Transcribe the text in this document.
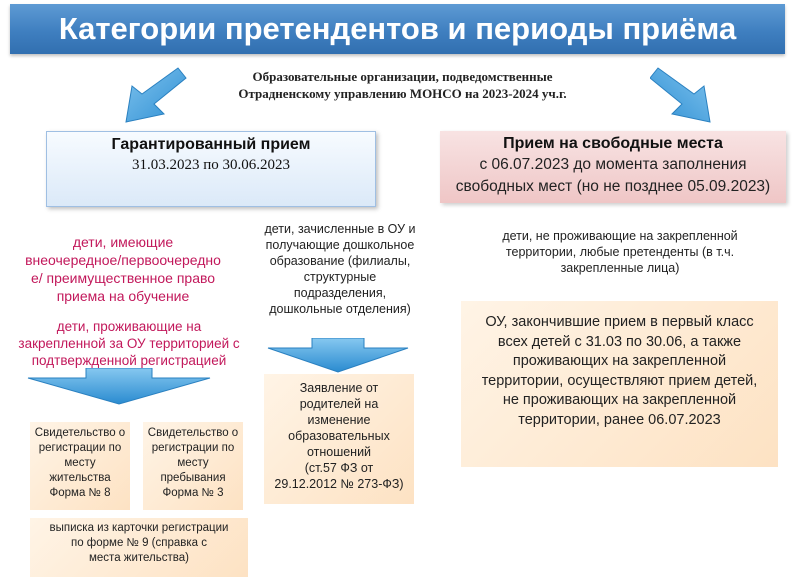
Категории претендентов и периоды приёма
Образовательные организации, подведомственные
Отрадненскому управлению МОНСО на 2023-2024 уч.г.
Гарантированный прием
31.03.2023 по 30.06.2023
Прием на свободные места
с 06.07.2023 до момента заполнения
свободных мест (но не позднее 05.09.2023)
дети, имеющие
внеочередное/первоочередно
е/ преимущественное право
приема на обучение
дети, проживающие на
закрепленной за ОУ территорией с
подтвержденной регистрацией
Свидетельство о
регистрации по
месту
жительства
Форма № 8
Свидетельство о
регистрации по
месту
пребывания
Форма № 3
выписка из карточки регистрации
по форме № 9 (справка с
места жительства)
дети, зачисленные в ОУ и
получающие дошкольное
образование (филиалы,
структурные
подразделения,
дошкольные отделения)
Заявление от
родителей на
изменение
образовательных
отношений
(ст.57 ФЗ от
29.12.2012 № 273-ФЗ)
дети, не проживающие на закрепленной
территории, любые претенденты (в т.ч.
закрепленные лица)
ОУ, закончившие прием в первый класс
всех детей с 31.03 по 30.06, а также
проживающих на закрепленной
территории, осуществляют прием детей,
не проживающих на закрепленной
территории, ранее 06.07.2023
